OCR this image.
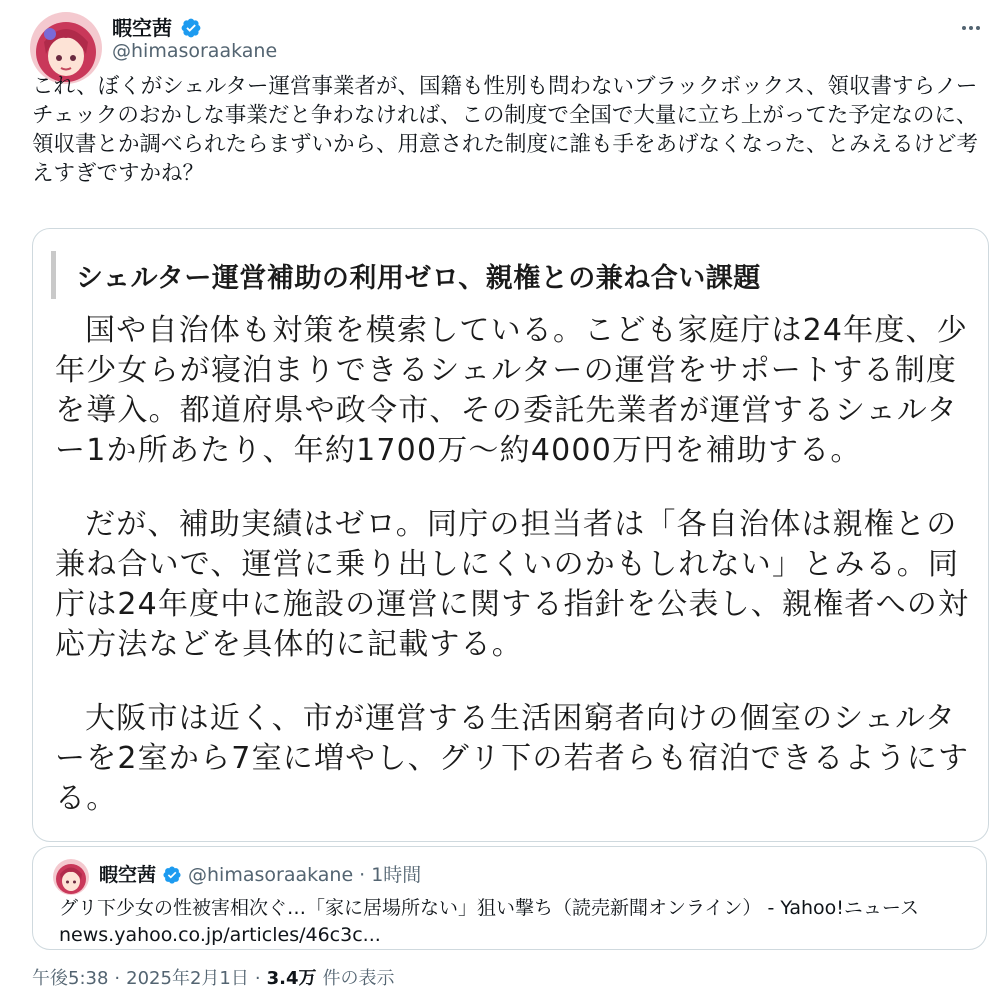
暇空茜
@himasoraakane
これ、ぼくがシェルター運営事業者が、国籍も性別も問わないブラックボックス、領収書すらノーチェックのおかしな事業だと争わなければ、この制度で全国で大量に立ち上がってた予定なのに、領収書とか調べられたらまずいから、用意された制度に誰も手をあげなくなった、とみえるけど考えすぎですかね？
シェルター運営補助の利用ゼロ、親権との兼ね合い課題

国や自治体も対策を模索している。こども家庭庁は24年度、少年少女らが寝泊まりできるシェルターの運営をサポートする制度を導入。都道府県や政令市、その委託先業者が運営するシェルター1か所あたり、年約1700万～約4000万円を補助する。

だが、補助実績はゼロ。同庁の担当者は「各自治体は親権との兼ね合いで、運営に乗り出しにくいのかもしれない」とみる。同庁は24年度中に施設の運営に関する指針を公表し、親権者への対応方法などを具体的に記載する。

大阪市は近く、市が運営する生活困窮者向けの個室のシェルターを2室から7室に増やし、グリ下の若者らも宿泊できるようにする。

暇空茜 @himasoraakane · 1時間
グリ下少女の性被害相次ぐ…「家に居場所ない」狙い撃ち（読売新聞オンライン） - Yahoo!ニュース news.yahoo.co.jp/articles/46c3c...
午後5:38 · 2025年2月1日 · 3.4万 件の表示
